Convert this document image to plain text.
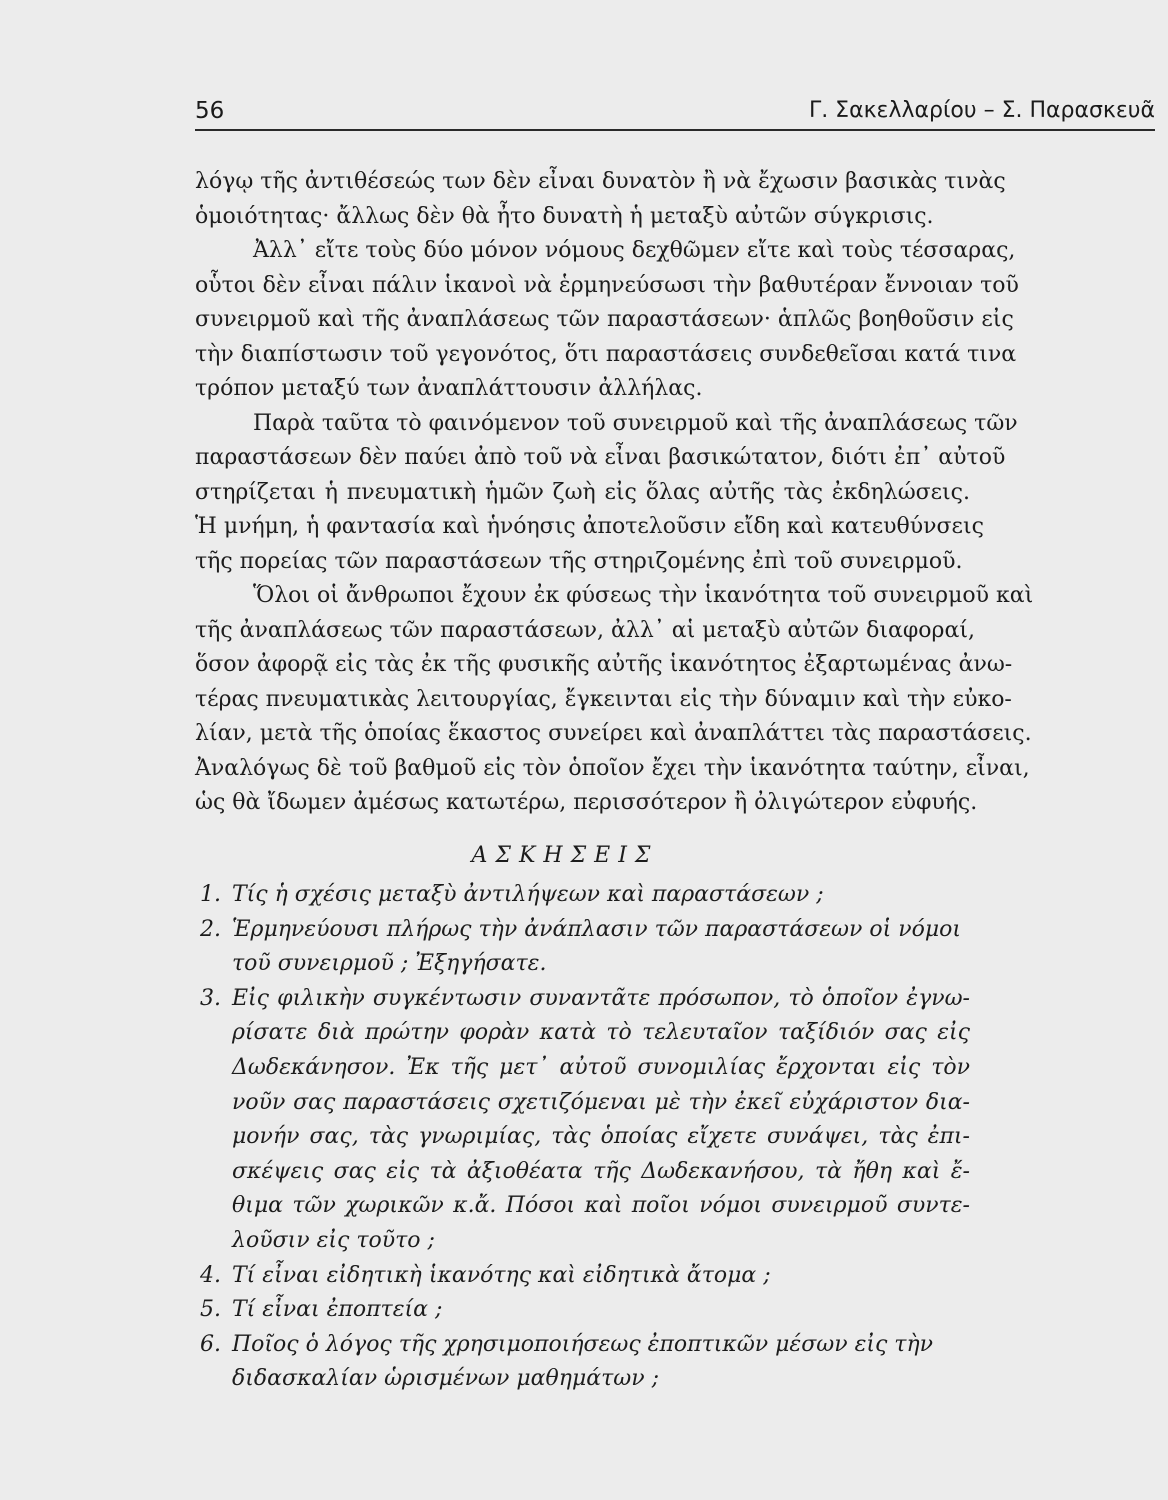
56	Γ. Σακελλαρίου – Σ. Παρασκευᾶ
λόγῳ τῆς ἀντιθέσεώς των δὲν εἶναι δυνατὸν ἢ νὰ ἔχωσιν βασικὰς τινὰς
ὁμοιότητας· ἄλλως δὲν θὰ ἦτο δυνατὴ ἡ μεταξὺ αὐτῶν σύγκρισις.
Ἀλλ᾽ εἴτε τοὺς δύο μόνον νόμους δεχθῶμεν εἴτε καὶ τοὺς τέσσαρας,
οὗτοι δὲν εἶναι πάλιν ἱκανοὶ νὰ ἑρμηνεύσωσι τὴν βαθυτέραν ἔννοιαν τοῦ
συνειρμοῦ καὶ τῆς ἀναπλάσεως τῶν παραστάσεων· ἁπλῶς βοηθοῦσιν εἰς
τὴν διαπίστωσιν τοῦ γεγονότος, ὅτι παραστάσεις συνδεθεῖσαι κατά τινα
τρόπον μεταξύ των ἀναπλάττουσιν ἀλλήλας.
Παρὰ ταῦτα τὸ φαινόμενον τοῦ συνειρμοῦ καὶ τῆς ἀναπλάσεως τῶν
παραστάσεων δὲν παύει ἀπὸ τοῦ νὰ εἶναι βασικώτατον, διότι ἐπ᾽ αὐτοῦ
στηρίζεται ἡ πνευματικὴ ἡμῶν ζωὴ εἰς ὅλας αὐτῆς τὰς ἐκδηλώσεις.
Ἡ μνήμη, ἡ φαντασία καὶ ἡνόησις ἀποτελοῦσιν εἴδη καὶ κατευθύνσεις
τῆς πορείας τῶν παραστάσεων τῆς στηριζομένης ἐπὶ τοῦ συνειρμοῦ.
Ὅλοι οἱ ἄνθρωποι ἔχουν ἐκ φύσεως τὴν ἱκανότητα τοῦ συνειρμοῦ καὶ
τῆς ἀναπλάσεως τῶν παραστάσεων, ἀλλ᾽ αἱ μεταξὺ αὐτῶν διαφοραί,
ὅσον ἀφορᾷ εἰς τὰς ἐκ τῆς φυσικῆς αὐτῆς ἱκανότητος ἐξαρτωμένας ἀνω-
τέρας πνευματικὰς λειτουργίας, ἔγκεινται εἰς τὴν δύναμιν καὶ τὴν εὐκο-
λίαν, μετὰ τῆς ὁποίας ἕκαστος συνείρει καὶ ἀναπλάττει τὰς παραστάσεις.
Ἀναλόγως δὲ τοῦ βαθμοῦ εἰς τὸν ὁποῖον ἔχει τὴν ἱκανότητα ταύτην, εἶναι,
ὡς θὰ ἴδωμεν ἀμέσως κατωτέρω, περισσότερον ἢ ὀλιγώτερον εὐφυής.
ΑΣΚΗΣΕΙΣ
1. Τίς ἡ σχέσις μεταξὺ ἀντιλήψεων καὶ παραστάσεων ;
2. Ἑρμηνεύουσι πλήρως τὴν ἀνάπλασιν τῶν παραστάσεων οἱ νόμοι
τοῦ συνειρμοῦ ; Ἐξηγήσατε.
3. Εἰς φιλικὴν συγκέντωσιν συναντᾶτε πρόσωπον, τὸ ὁποῖον ἐγνω-
ρίσατε διὰ πρώτην φορὰν κατὰ τὸ τελευταῖον ταξίδιόν σας εἰς
Δωδεκάνησον. Ἐκ τῆς μετ᾽ αὐτοῦ συνομιλίας ἔρχονται εἰς τὸν
νοῦν σας παραστάσεις σχετιζόμεναι μὲ τὴν ἐκεῖ εὐχάριστον δια-
μονήν σας, τὰς γνωριμίας, τὰς ὁποίας εἴχετε συνάψει, τὰς ἐπι-
σκέψεις σας εἰς τὰ ἀξιοθέατα τῆς Δωδεκανήσου, τὰ ἤθη καὶ ἔ-
θιμα τῶν χωρικῶν κ.ἄ. Πόσοι καὶ ποῖοι νόμοι συνειρμοῦ συντε-
λοῦσιν εἰς τοῦτο ;
4. Τί εἶναι εἰδητικὴ ἱκανότης καὶ εἰδητικὰ ἄτομα ;
5. Τί εἶναι ἐποπτεία ;
6. Ποῖος ὁ λόγος τῆς χρησιμοποιήσεως ἐποπτικῶν μέσων εἰς τὴν
διδασκαλίαν ὡρισμένων μαθημάτων ;
